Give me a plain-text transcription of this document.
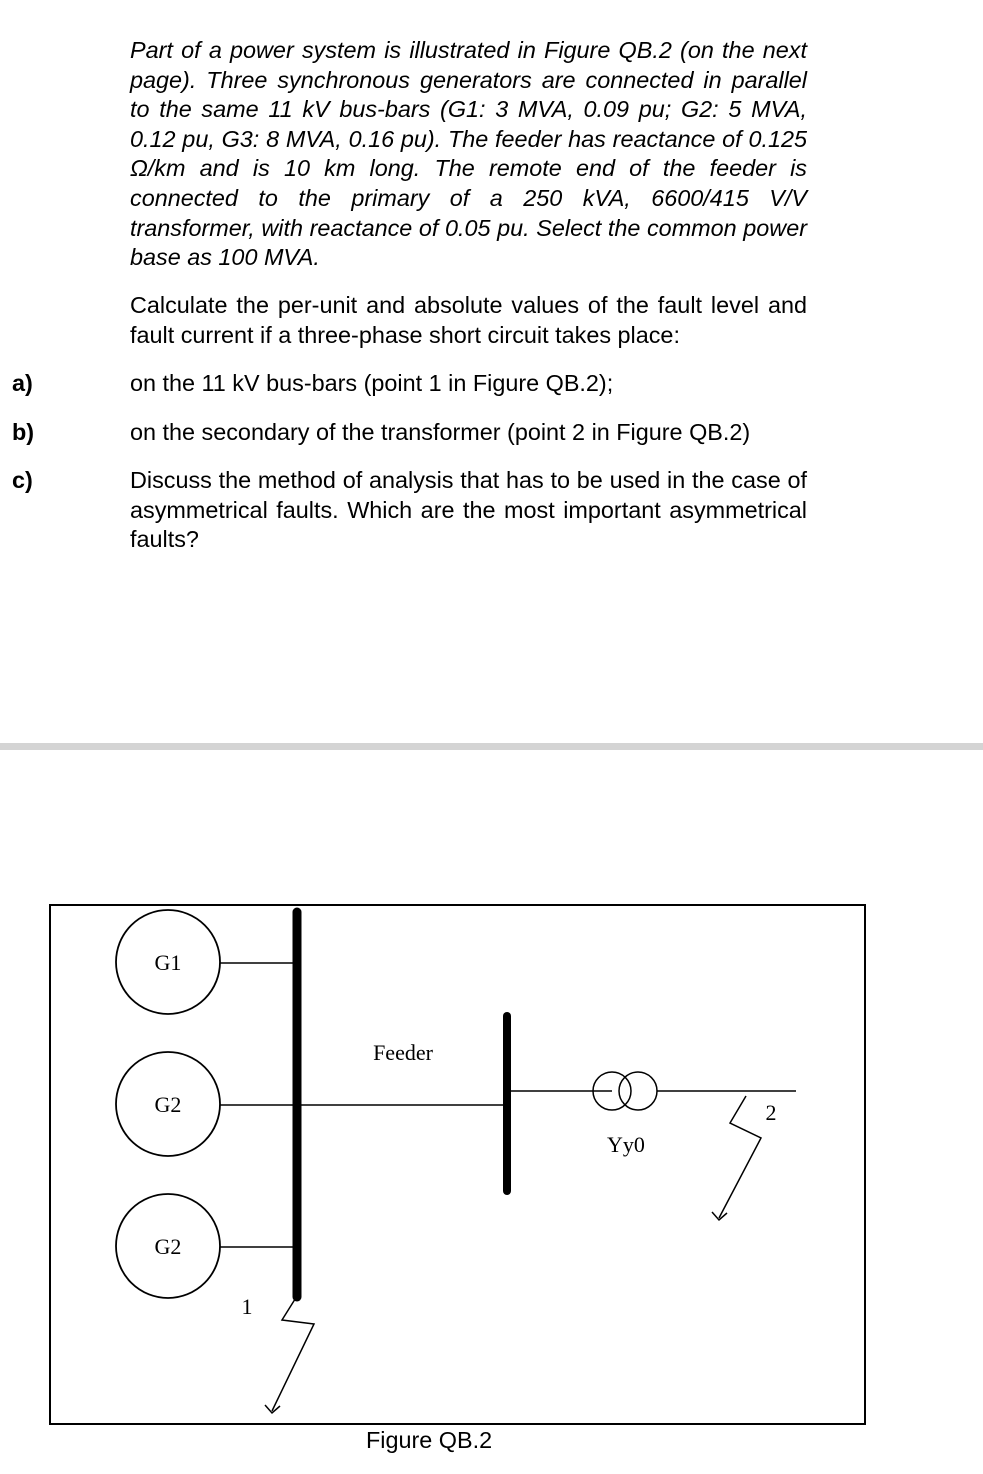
Part of a power system is illustrated in Figure QB.2 (on the next page). Three synchronous generators are connected in parallel to the same 11 kV bus-bars (G1: 3 MVA, 0.09 pu; G2: 5 MVA, 0.12 pu, G3: 8 MVA, 0.16 pu). The feeder has reactance of 0.125 Ω/km and is 10 km long. The remote end of the feeder is connected to the primary of a 250 kVA, 6600/415 V/V transformer, with reactance of 0.05 pu. Select the common power base as 100 MVA.
Calculate the per-unit and absolute values of the fault level and fault current if a three-phase short circuit takes place:
a)	on the 11 kV bus-bars (point 1 in Figure QB.2);
b)	on the secondary of the transformer (point 2 in Figure QB.2)
c)	Discuss the method of analysis that has to be used in the case of asymmetrical faults. Which are the most important asymmetrical faults?
G1
G2
G2
Feeder
Yy0
2
1
Figure QB.2
